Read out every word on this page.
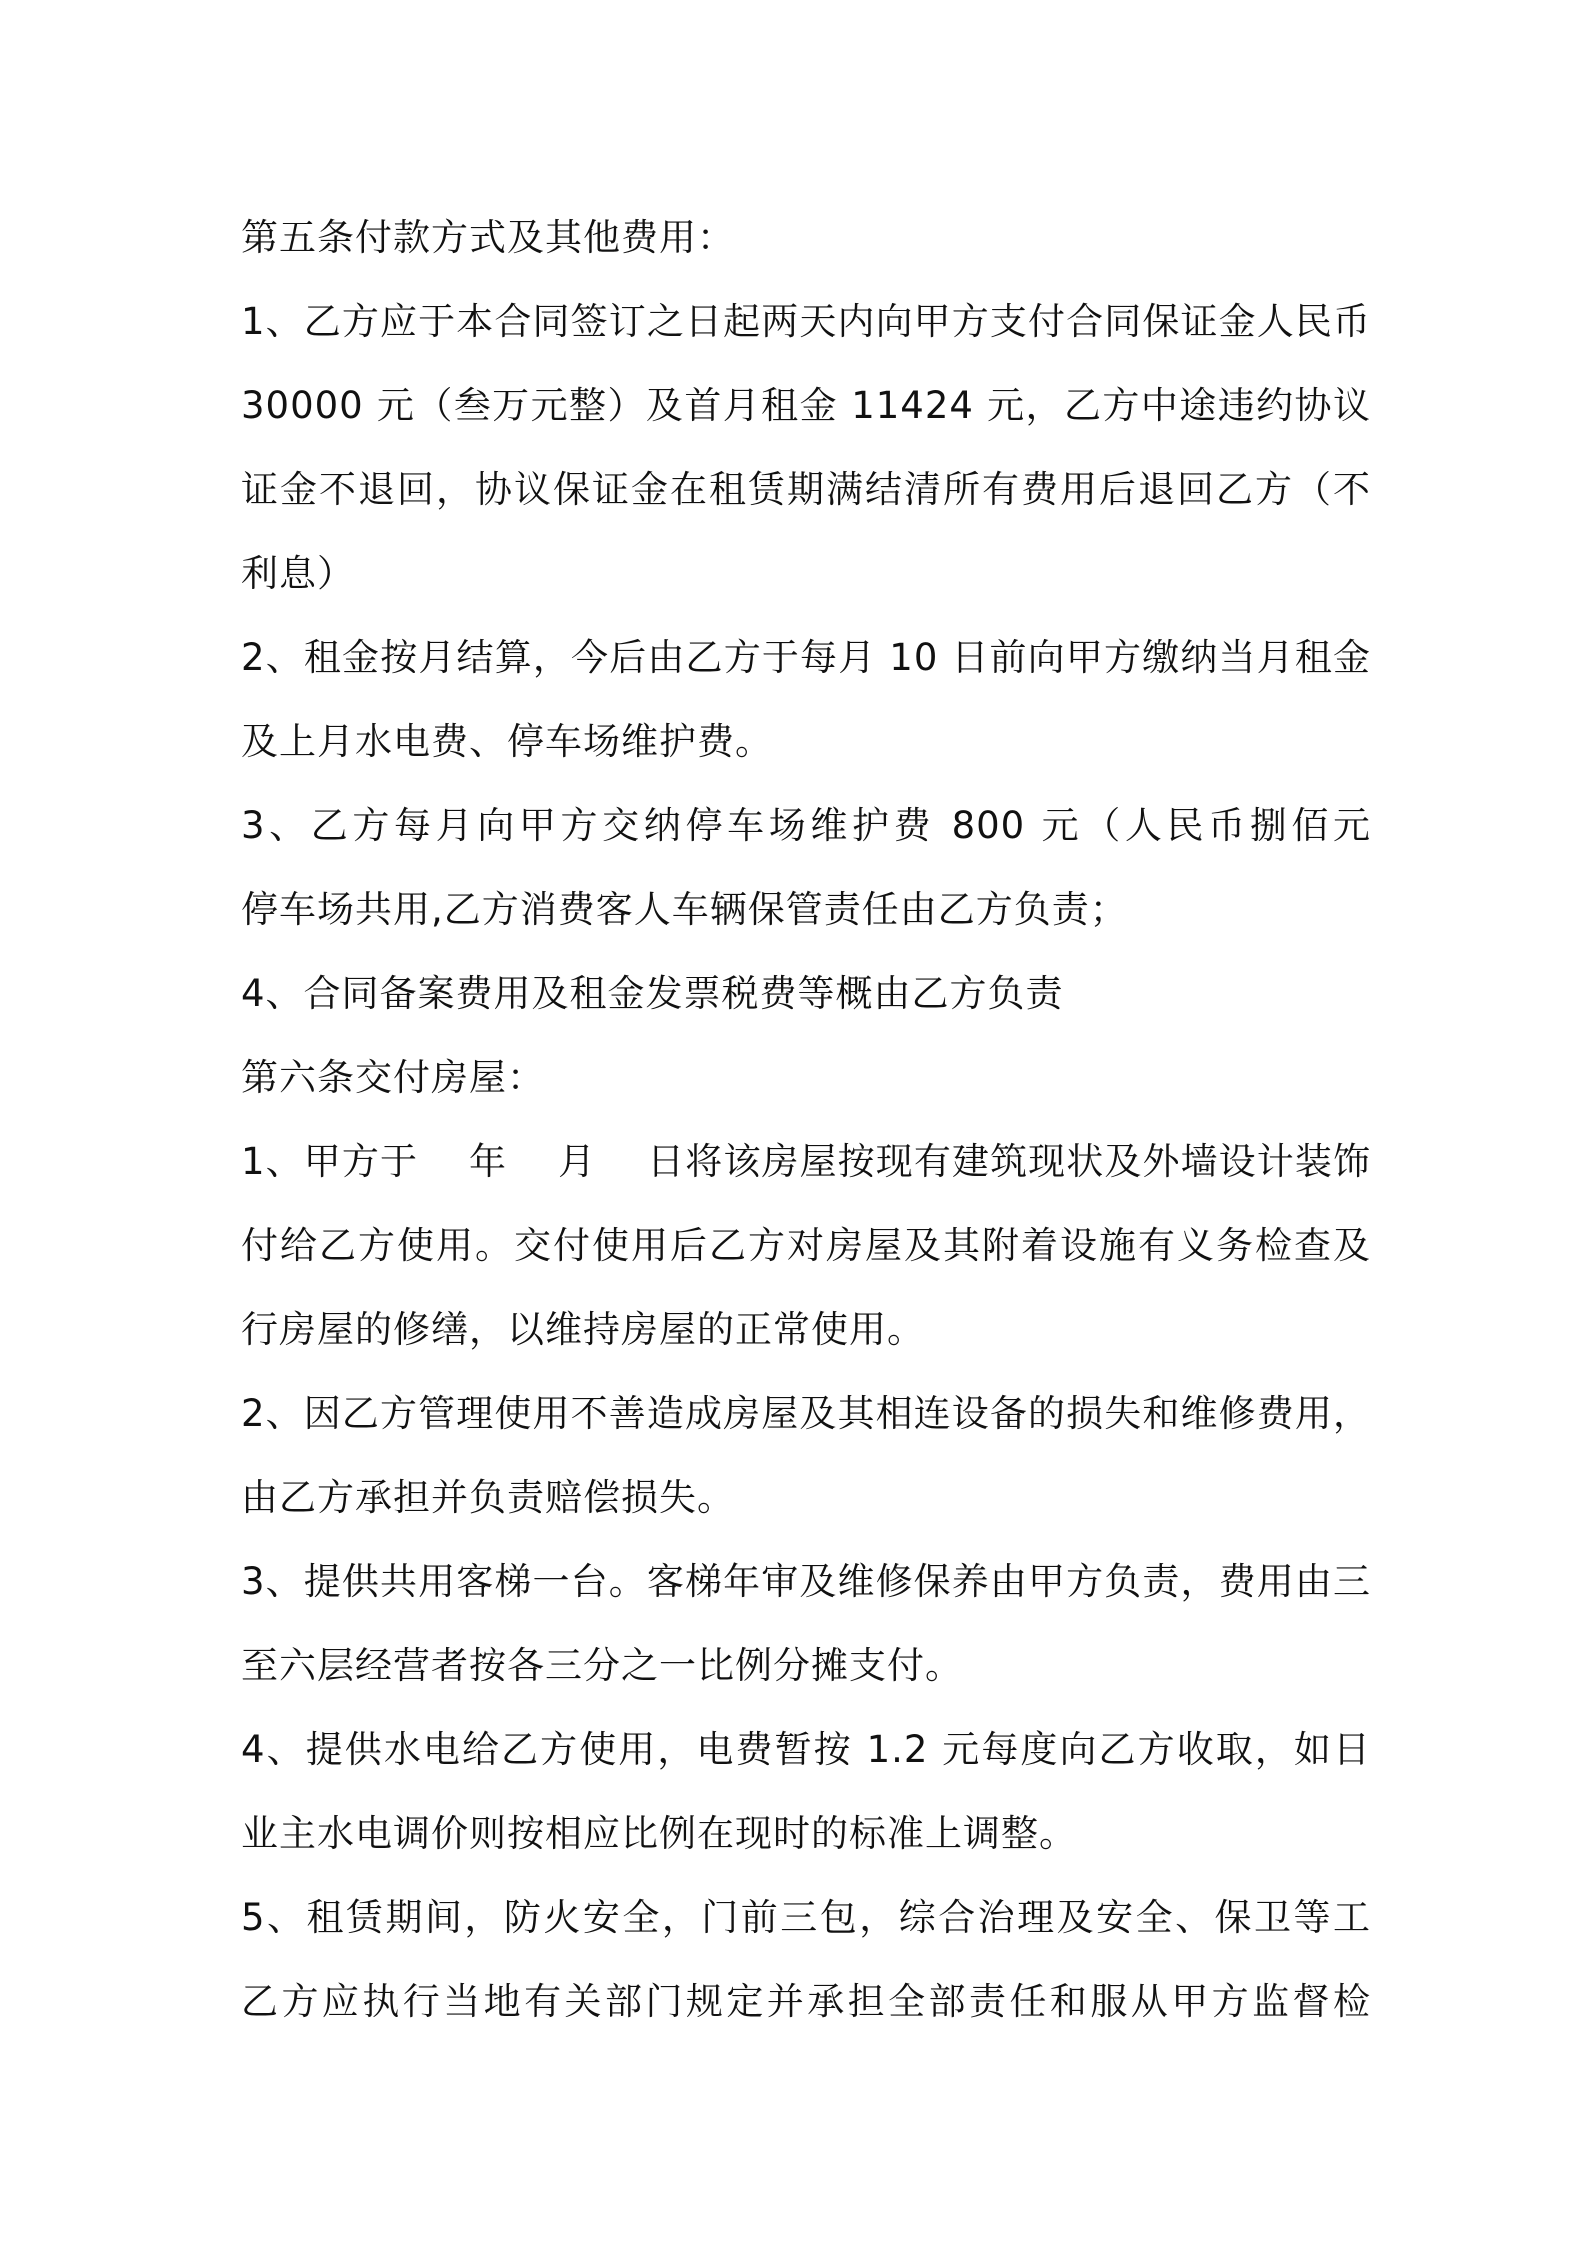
第五条付款方式及其他费用：
1、乙方应于本合同签订之日起两天内向甲方支付合同保证金人民币
30000 元（叁万元整）及首月租金 11424 元，乙方中途违约协议
证金不退回，协议保证金在租赁期满结清所有费用后退回乙方（不
利息）
2、租金按月结算，今后由乙方于每月 10 日前向甲方缴纳当月租金
及上月水电费、停车场维护费。
3、乙方每月向甲方交纳停车场维护费 800 元（人民币捌佰元
停车场共用,乙方消费客人车辆保管责任由乙方负责；
4、合同备案费用及租金发票税费等概由乙方负责
第六条交付房屋：
1、甲方于　 年　 月　 日将该房屋按现有建筑现状及外墙设计装饰
付给乙方使用。交付使用后乙方对房屋及其附着设施有义务检查及
行房屋的修缮，以维持房屋的正常使用。
2、因乙方管理使用不善造成房屋及其相连设备的损失和维修费用，
由乙方承担并负责赔偿损失。
3、提供共用客梯一台。客梯年审及维修保养由甲方负责，费用由三
至六层经营者按各三分之一比例分摊支付。
4、提供水电给乙方使用，电费暂按 1.2 元每度向乙方收取，如日
业主水电调价则按相应比例在现时的标准上调整。
5、租赁期间，防火安全，门前三包，综合治理及安全、保卫等工
乙方应执行当地有关部门规定并承担全部责任和服从甲方监督检
